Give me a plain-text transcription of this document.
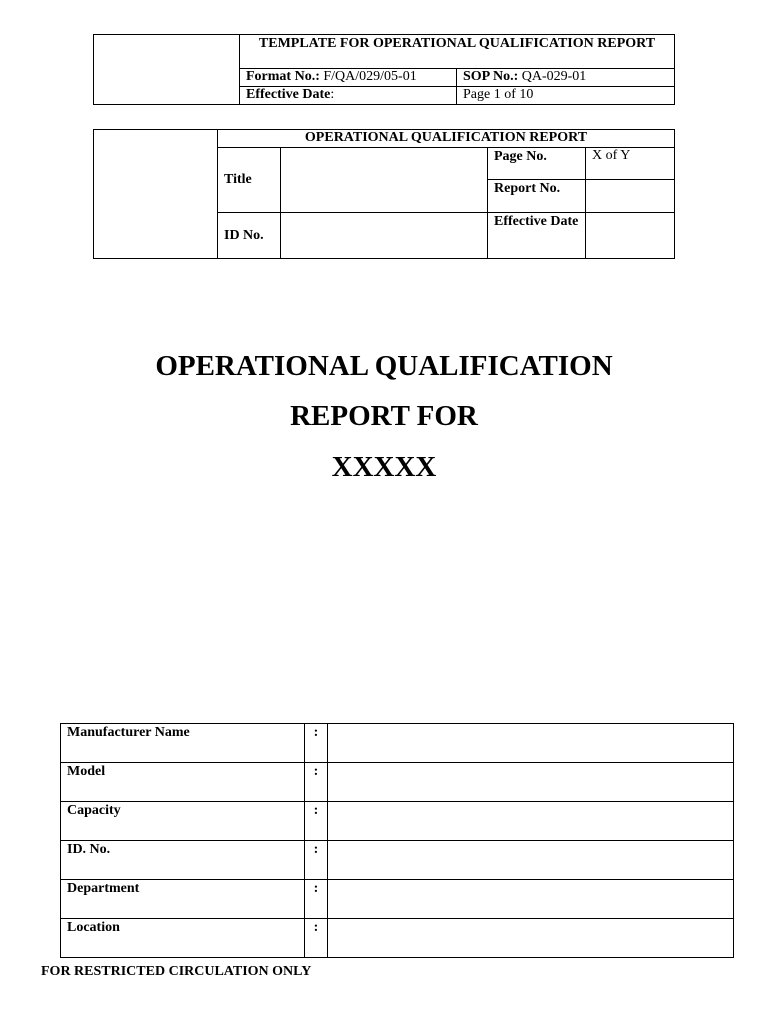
	TEMPLATE FOR OPERATIONAL QUALIFICATION REPORT	
	Format No.: F/QA/029/05-01	SOP No.: QA-029-01
	Effective Date:	Page 1 of 10
	OPERATIONAL QUALIFICATION REPORT			
	Title		Page No.	X of Y
			Report No.	
	ID No.		Effective Date	
OPERATIONAL QUALIFICATION
REPORT FOR
XXXXX
Manufacturer Name	:	
Model	:	
Capacity	:	
ID. No.	:	
Department	:	
Location	:	
FOR RESTRICTED CIRCULATION ONLY
